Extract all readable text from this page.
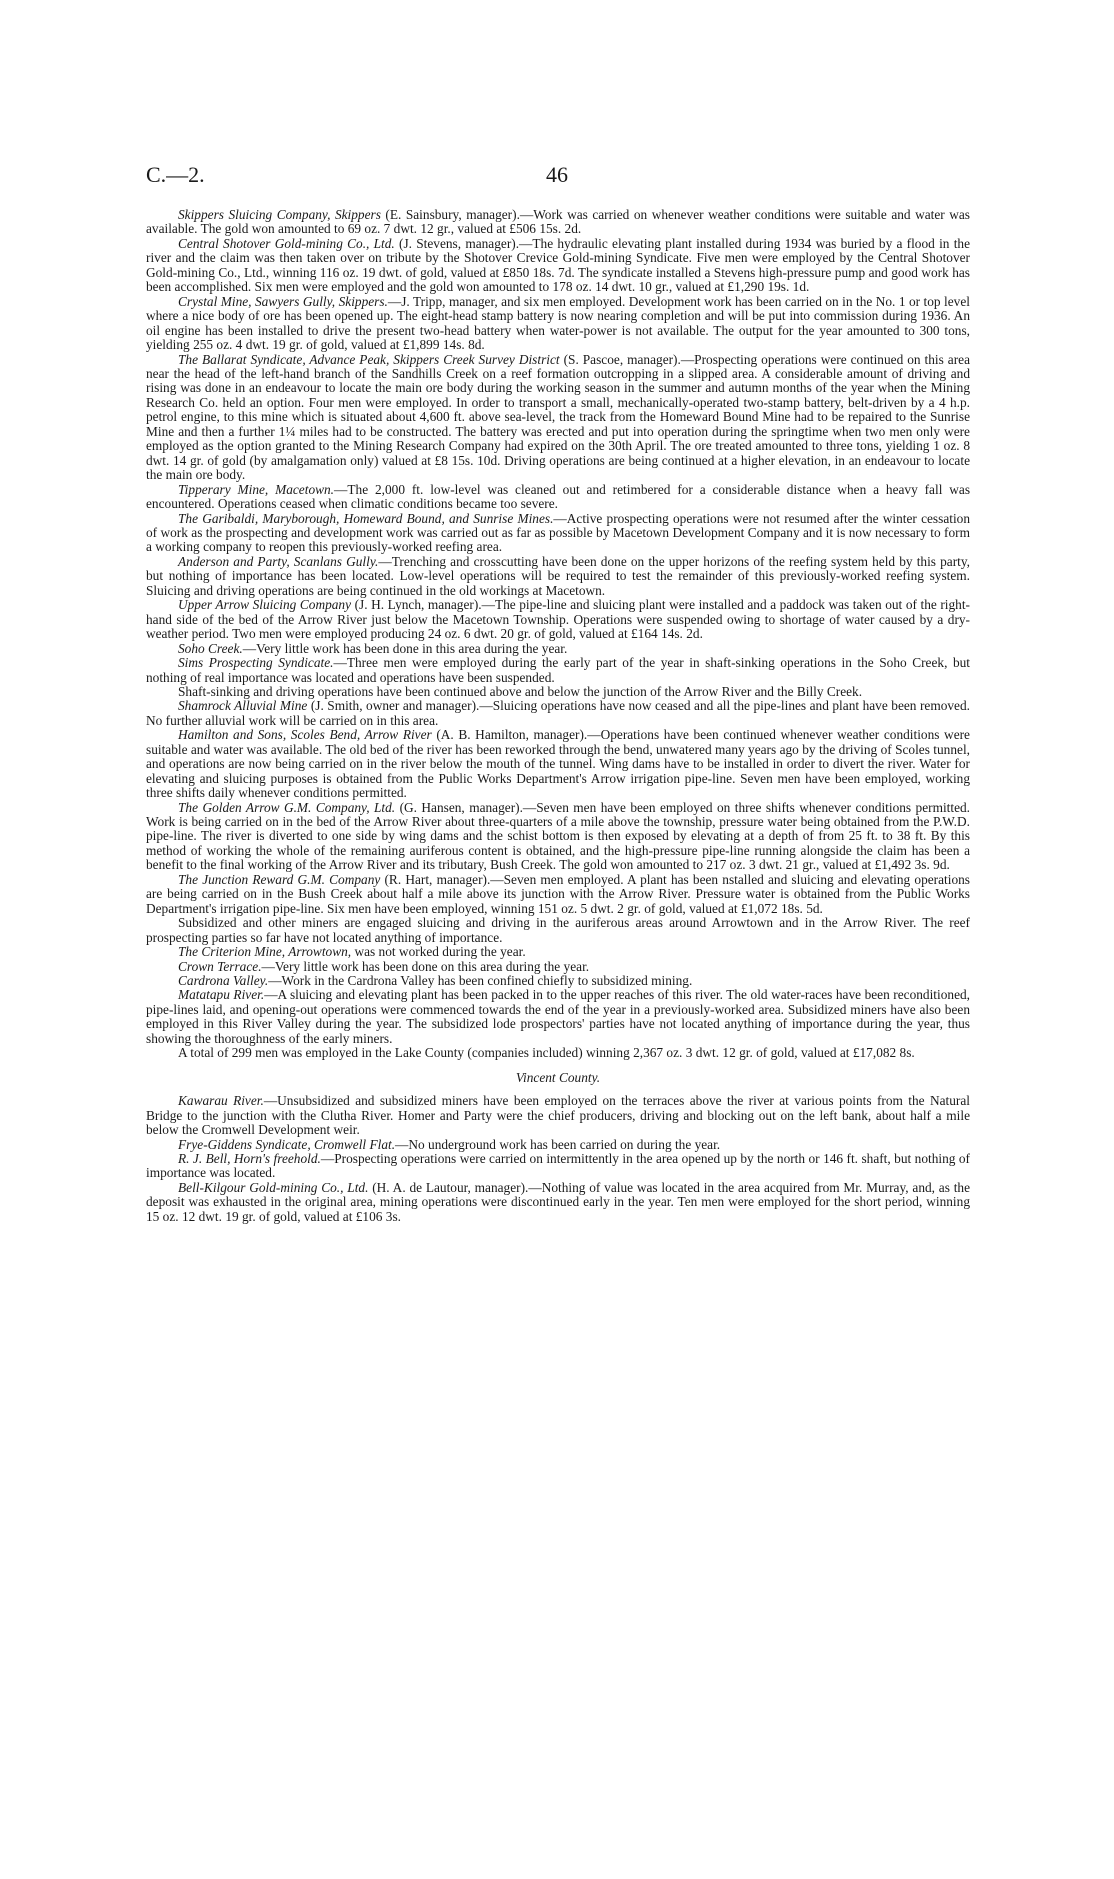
C.—2.	46

Skippers Sluicing Company, Skippers (E. Sainsbury, manager).—Work was carried on whenever weather conditions were suitable and water was available. The gold won amounted to 69 oz. 7 dwt. 12 gr., valued at £506 15s. 2d.

Central Shotover Gold-mining Co., Ltd. (J. Stevens, manager).—The hydraulic elevating plant installed during 1934 was buried by a flood in the river and the claim was then taken over on tribute by the Shotover Crevice Gold-mining Syndicate. Five men were employed by the Central Shotover Gold-mining Co., Ltd., winning 116 oz. 19 dwt. of gold, valued at £850 18s. 7d. The syndicate installed a Stevens high-pressure pump and good work has been accomplished. Six men were employed and the gold won amounted to 178 oz. 14 dwt. 10 gr., valued at £1,290 19s. 1d.

Crystal Mine, Sawyers Gully, Skippers.—J. Tripp, manager, and six men employed. Development work has been carried on in the No. 1 or top level where a nice body of ore has been opened up. The eight-head stamp battery is now nearing completion and will be put into commission during 1936. An oil engine has been installed to drive the present two-head battery when water-power is not available. The output for the year amounted to 300 tons, yielding 255 oz. 4 dwt. 19 gr. of gold, valued at £1,899 14s. 8d.

The Ballarat Syndicate, Advance Peak, Skippers Creek Survey District (S. Pascoe, manager).—Prospecting operations were continued on this area near the head of the left-hand branch of the Sandhills Creek on a reef formation outcropping in a slipped area. A considerable amount of driving and rising was done in an endeavour to locate the main ore body during the working season in the summer and autumn months of the year when the Mining Research Co. held an option. Four men were employed. In order to transport a small, mechanically-operated two-stamp battery, belt-driven by a 4 h.p. petrol engine, to this mine which is situated about 4,600 ft. above sea-level, the track from the Homeward Bound Mine had to be repaired to the Sunrise Mine and then a further 1¼ miles had to be constructed. The battery was erected and put into operation during the springtime when two men only were employed as the option granted to the Mining Research Company had expired on the 30th April. The ore treated amounted to three tons, yielding 1 oz. 8 dwt. 14 gr. of gold (by amalgamation only) valued at £8 15s. 10d. Driving operations are being continued at a higher elevation, in an endeavour to locate the main ore body.

Tipperary Mine, Macetown.—The 2,000 ft. low-level was cleaned out and retimbered for a considerable distance when a heavy fall was encountered. Operations ceased when climatic conditions became too severe.

The Garibaldi, Maryborough, Homeward Bound, and Sunrise Mines.—Active prospecting operations were not resumed after the winter cessation of work as the prospecting and development work was carried out as far as possible by Macetown Development Company and it is now necessary to form a working company to reopen this previously-worked reefing area.

Anderson and Party, Scanlans Gully.—Trenching and crosscutting have been done on the upper horizons of the reefing system held by this party, but nothing of importance has been located. Low-level operations will be required to test the remainder of this previously-worked reefing system. Sluicing and driving operations are being continued in the old workings at Macetown.

Upper Arrow Sluicing Company (J. H. Lynch, manager).—The pipe-line and sluicing plant were installed and a paddock was taken out of the right-hand side of the bed of the Arrow River just below the Macetown Township. Operations were suspended owing to shortage of water caused by a dry-weather period. Two men were employed producing 24 oz. 6 dwt. 20 gr. of gold, valued at £164 14s. 2d.

Soho Creek.—Very little work has been done in this area during the year.

Sims Prospecting Syndicate.—Three men were employed during the early part of the year in shaft-sinking operations in the Soho Creek, but nothing of real importance was located and operations have been suspended.

Shaft-sinking and driving operations have been continued above and below the junction of the Arrow River and the Billy Creek.

Shamrock Alluvial Mine (J. Smith, owner and manager).—Sluicing operations have now ceased and all the pipe-lines and plant have been removed. No further alluvial work will be carried on in this area.

Hamilton and Sons, Scoles Bend, Arrow River (A. B. Hamilton, manager).—Operations have been continued whenever weather conditions were suitable and water was available. The old bed of the river has been reworked through the bend, unwatered many years ago by the driving of Scoles tunnel, and operations are now being carried on in the river below the mouth of the tunnel. Wing dams have to be installed in order to divert the river. Water for elevating and sluicing purposes is obtained from the Public Works Department's Arrow irrigation pipe-line. Seven men have been employed, working three shifts daily whenever conditions permitted.

The Golden Arrow G.M. Company, Ltd. (G. Hansen, manager).—Seven men have been employed on three shifts whenever conditions permitted. Work is being carried on in the bed of the Arrow River about three-quarters of a mile above the township, pressure water being obtained from the P.W.D. pipe-line. The river is diverted to one side by wing dams and the schist bottom is then exposed by elevating at a depth of from 25 ft. to 38 ft. By this method of working the whole of the remaining auriferous content is obtained, and the high-pressure pipe-line running alongside the claim has been a benefit to the final working of the Arrow River and its tributary, Bush Creek. The gold won amounted to 217 oz. 3 dwt. 21 gr., valued at £1,492 3s. 9d.

The Junction Reward G.M. Company (R. Hart, manager).—Seven men employed. A plant has been nstalled and sluicing and elevating operations are being carried on in the Bush Creek about half a mile above its junction with the Arrow River. Pressure water is obtained from the Public Works Department's irrigation pipe-line. Six men have been employed, winning 151 oz. 5 dwt. 2 gr. of gold, valued at £1,072 18s. 5d.

Subsidized and other miners are engaged sluicing and driving in the auriferous areas around Arrowtown and in the Arrow River. The reef prospecting parties so far have not located anything of importance.

The Criterion Mine, Arrowtown, was not worked during the year.

Crown Terrace.—Very little work has been done on this area during the year.

Cardrona Valley.—Work in the Cardrona Valley has been confined chiefly to subsidized mining.

Matatapu River.—A sluicing and elevating plant has been packed in to the upper reaches of this river. The old water-races have been reconditioned, pipe-lines laid, and opening-out operations were commenced towards the end of the year in a previously-worked area. Subsidized miners have also been employed in this River Valley during the year. The subsidized lode prospectors' parties have not located anything of importance during the year, thus showing the thoroughness of the early miners.

A total of 299 men was employed in the Lake County (companies included) winning 2,367 oz. 3 dwt. 12 gr. of gold, valued at £17,082 8s.

Vincent County.

Kawarau River.—Unsubsidized and subsidized miners have been employed on the terraces above the river at various points from the Natural Bridge to the junction with the Clutha River. Homer and Party were the chief producers, driving and blocking out on the left bank, about half a mile below the Cromwell Development weir.

Frye-Giddens Syndicate, Cromwell Flat.—No underground work has been carried on during the year.

R. J. Bell, Horn's freehold.—Prospecting operations were carried on intermittently in the area opened up by the north or 146 ft. shaft, but nothing of importance was located.

Bell-Kilgour Gold-mining Co., Ltd. (H. A. de Lautour, manager).—Nothing of value was located in the area acquired from Mr. Murray, and, as the deposit was exhausted in the original area, mining operations were discontinued early in the year. Ten men were employed for the short period, winning 15 oz. 12 dwt. 19 gr. of gold, valued at £106 3s.
